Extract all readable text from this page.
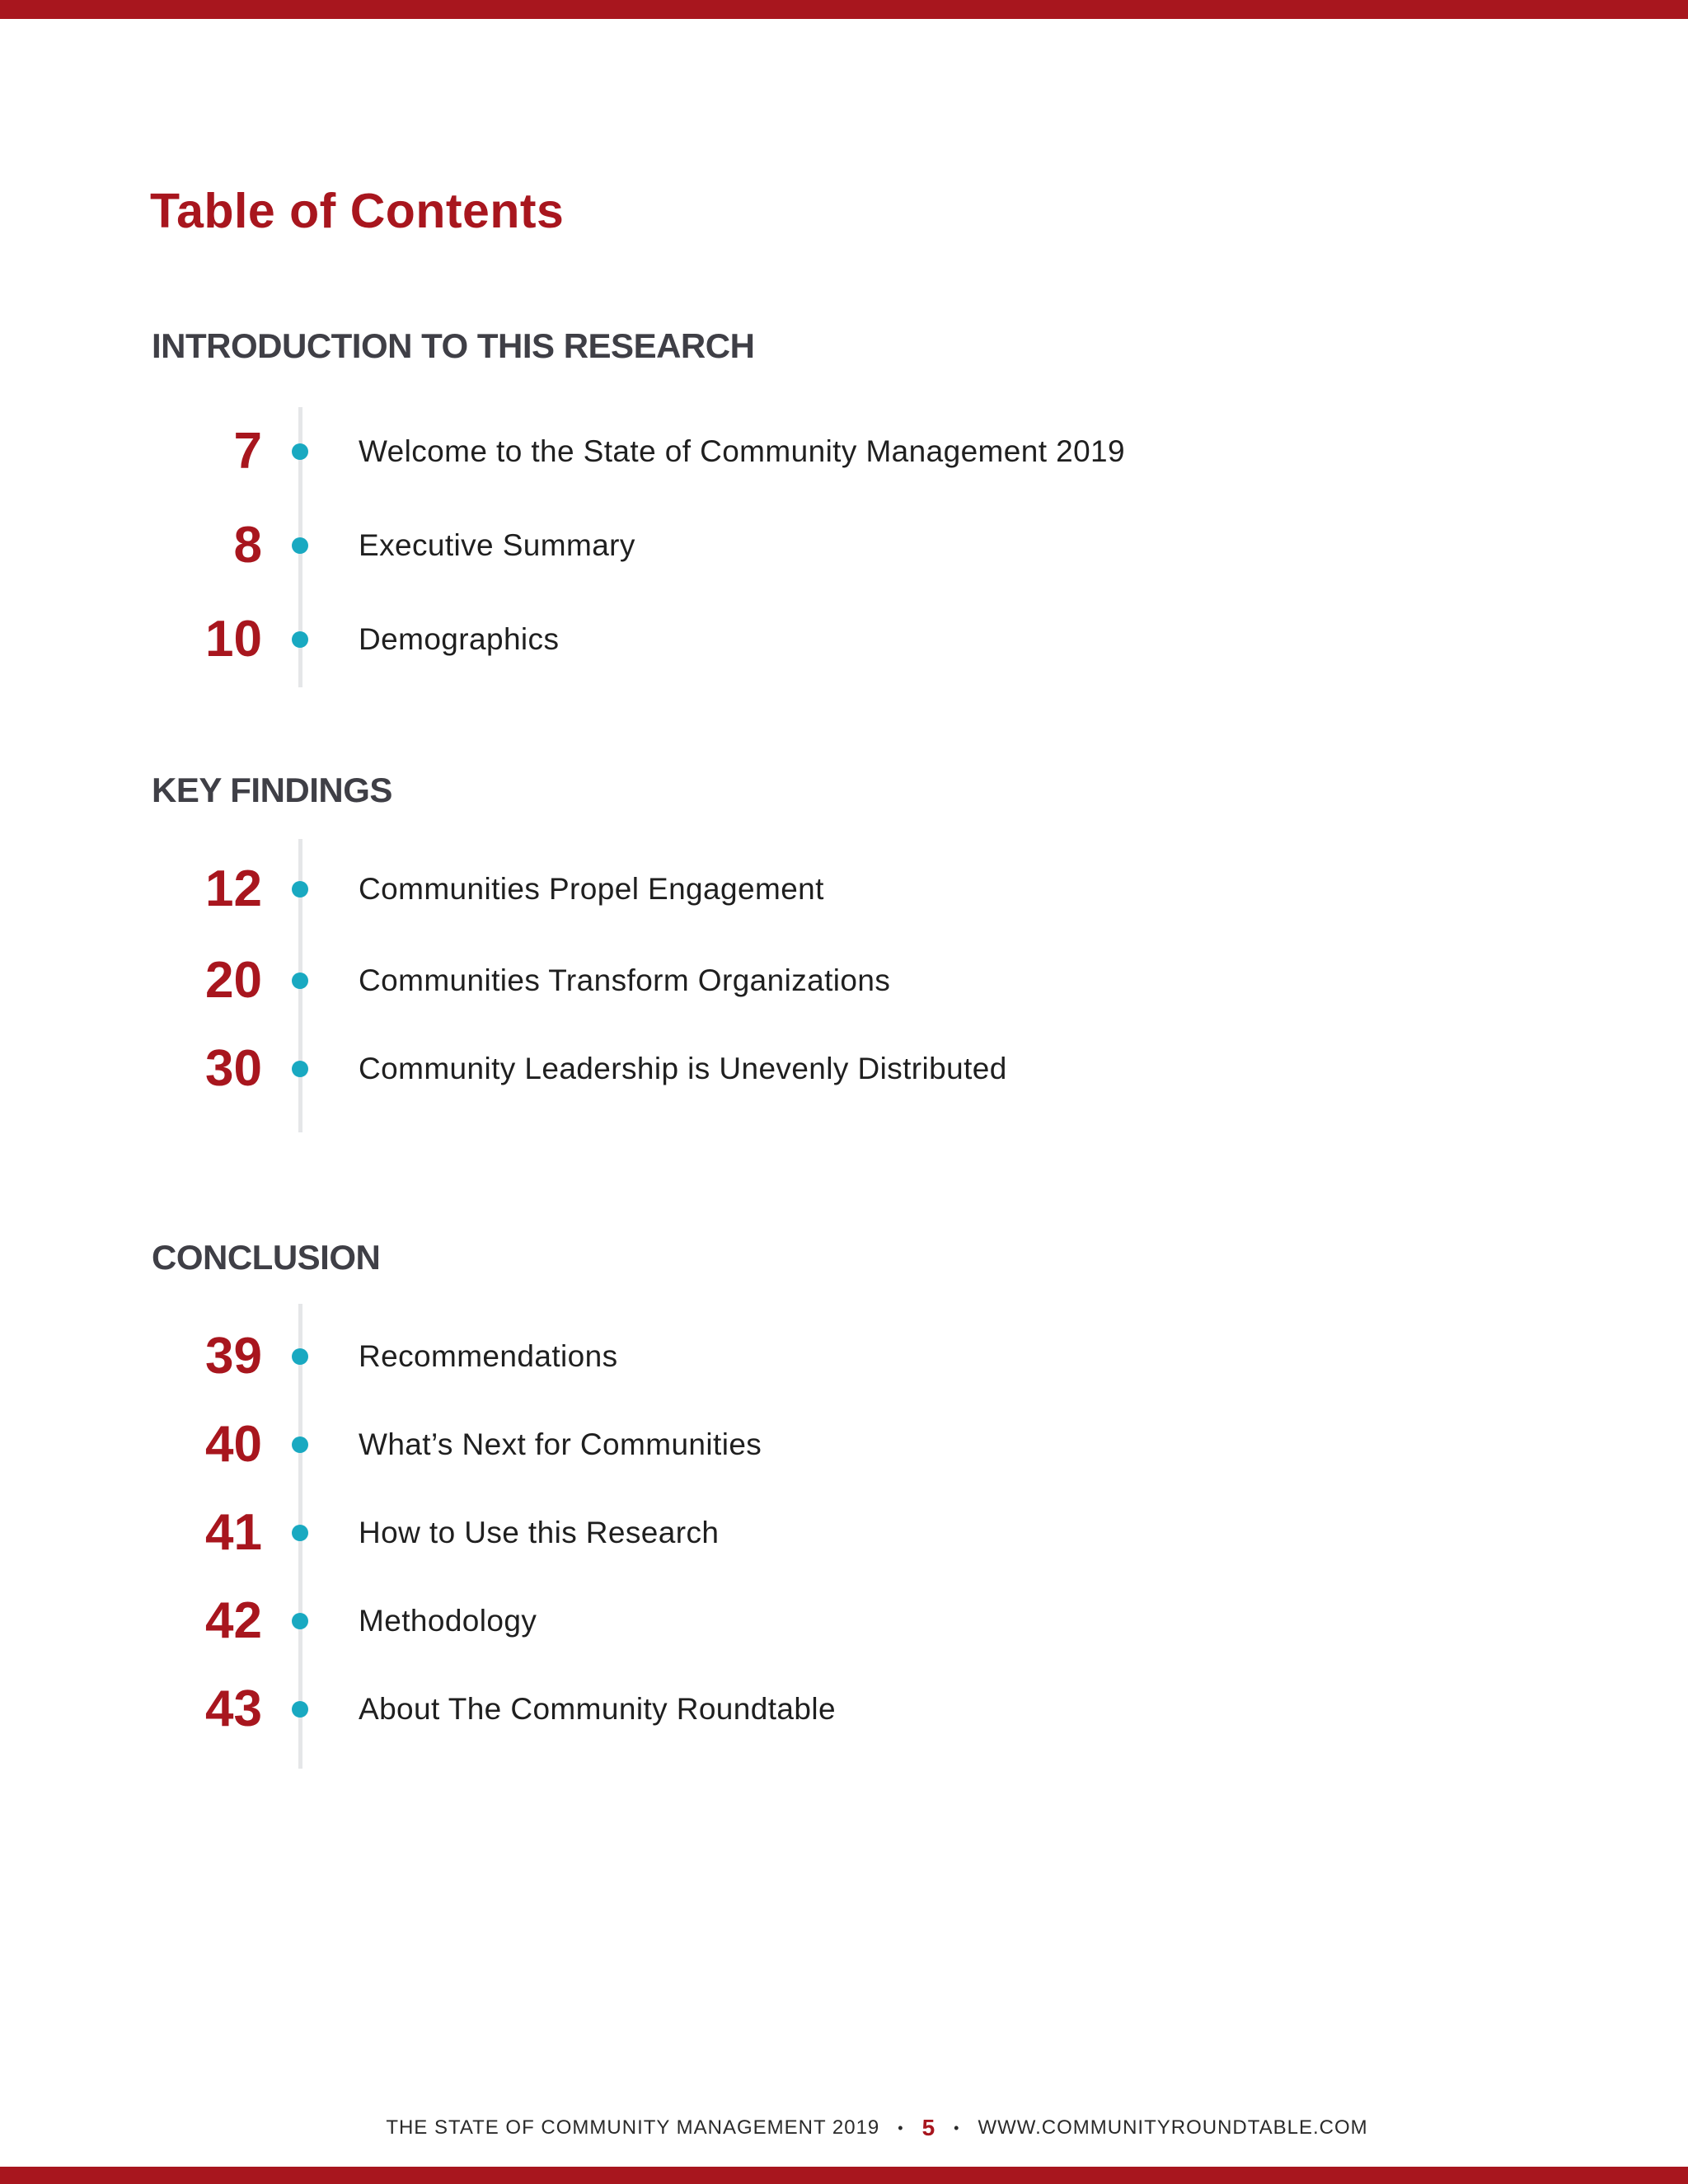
Table of Contents
INTRODUCTION TO THIS RESEARCH
7	Welcome to the State of Community Management 2019
8	Executive Summary
10	Demographics
KEY FINDINGS
12	Communities Propel Engagement
20	Communities Transform Organizations
30	Community Leadership is Unevenly Distributed
CONCLUSION
39	Recommendations
40	What’s Next for Communities
41	How to Use this Research
42	Methodology
43	About The Community Roundtable
THE STATE OF COMMUNITY MANAGEMENT 2019 • 5 • WWW.COMMUNITYROUNDTABLE.COM
